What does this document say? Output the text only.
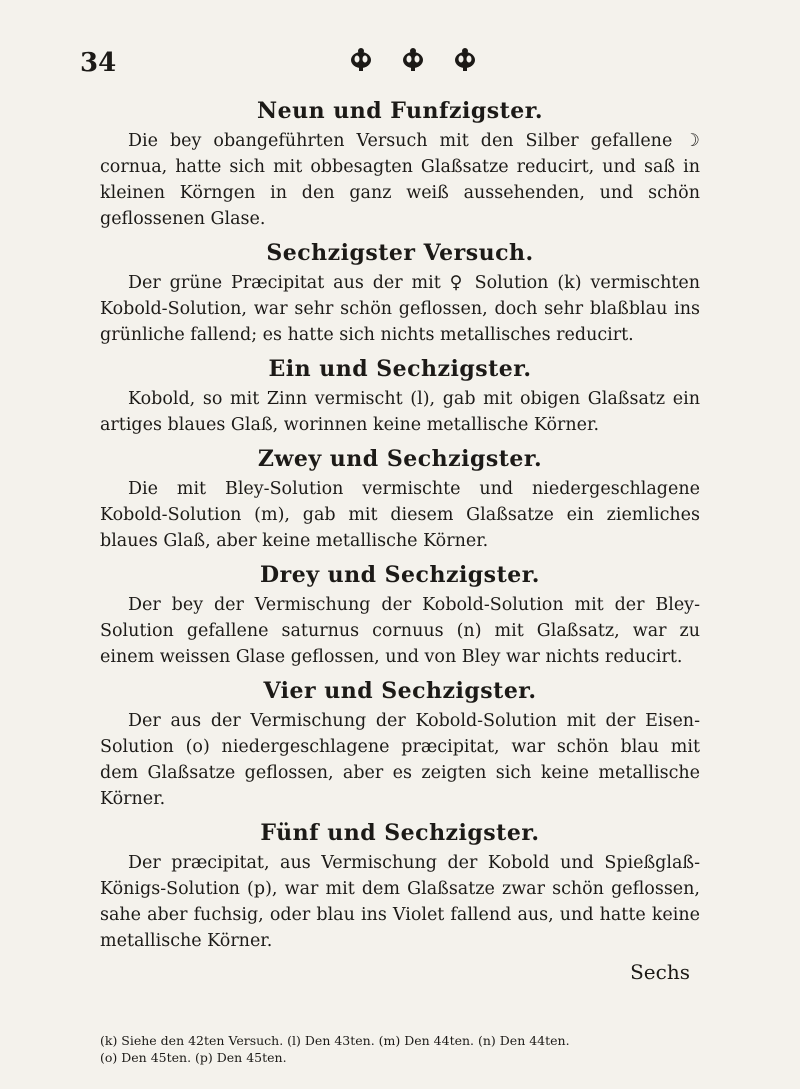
34
Neun und Funfzigster.

Die bey obangeführten Versuch mit den Silber gefallene ☽ cornua, hatte sich mit obbesagten Glaßsatze reducirt, und saß in kleinen Körngen in den ganz weiß aussehenden, und schön geflossenen Glase.

Sechzigster Versuch.

Der grüne Præcipitat aus der mit ♀ Solution (k) vermischten Kobold-Solution, war sehr schön geflossen, doch sehr blaßblau ins grünliche fallend; es hatte sich nichts metallisches reducirt.

Ein und Sechzigster.

Kobold, so mit Zinn vermischt (l), gab mit obigen Glaßsatz ein artiges blaues Glaß, worinnen keine metallische Körner.

Zwey und Sechzigster.

Die mit Bley-Solution vermischte und niedergeschlagene Kobold-Solution (m), gab mit diesem Glaßsatze ein ziemliches blaues Glaß, aber keine metallische Körner.

Drey und Sechzigster.

Der bey der Vermischung der Kobold-Solution mit der Bley-Solution gefallene saturnus cornuus (n) mit Glaßsatz, war zu einem weissen Glase geflossen, und von Bley war nichts reducirt.

Vier und Sechzigster.

Der aus der Vermischung der Kobold-Solution mit der Eisen-Solution (o) niedergeschlagene præcipitat, war schön blau mit dem Glaßsatze geflossen, aber es zeigten sich keine metallische Körner.

Fünf und Sechzigster.

Der præcipitat, aus Vermischung der Kobold und Spießglaß-Königs-Solution (p), war mit dem Glaßsatze zwar schön geflossen, sahe aber fuchsig, oder blau ins Violet fallend aus, und hatte keine metallische Körner.

Sechs
(k) Siehe den 42ten Versuch. (l) Den 43ten. (m) Den 44ten. (n) Den 44ten.
(o) Den 45ten. (p) Den 45ten.
